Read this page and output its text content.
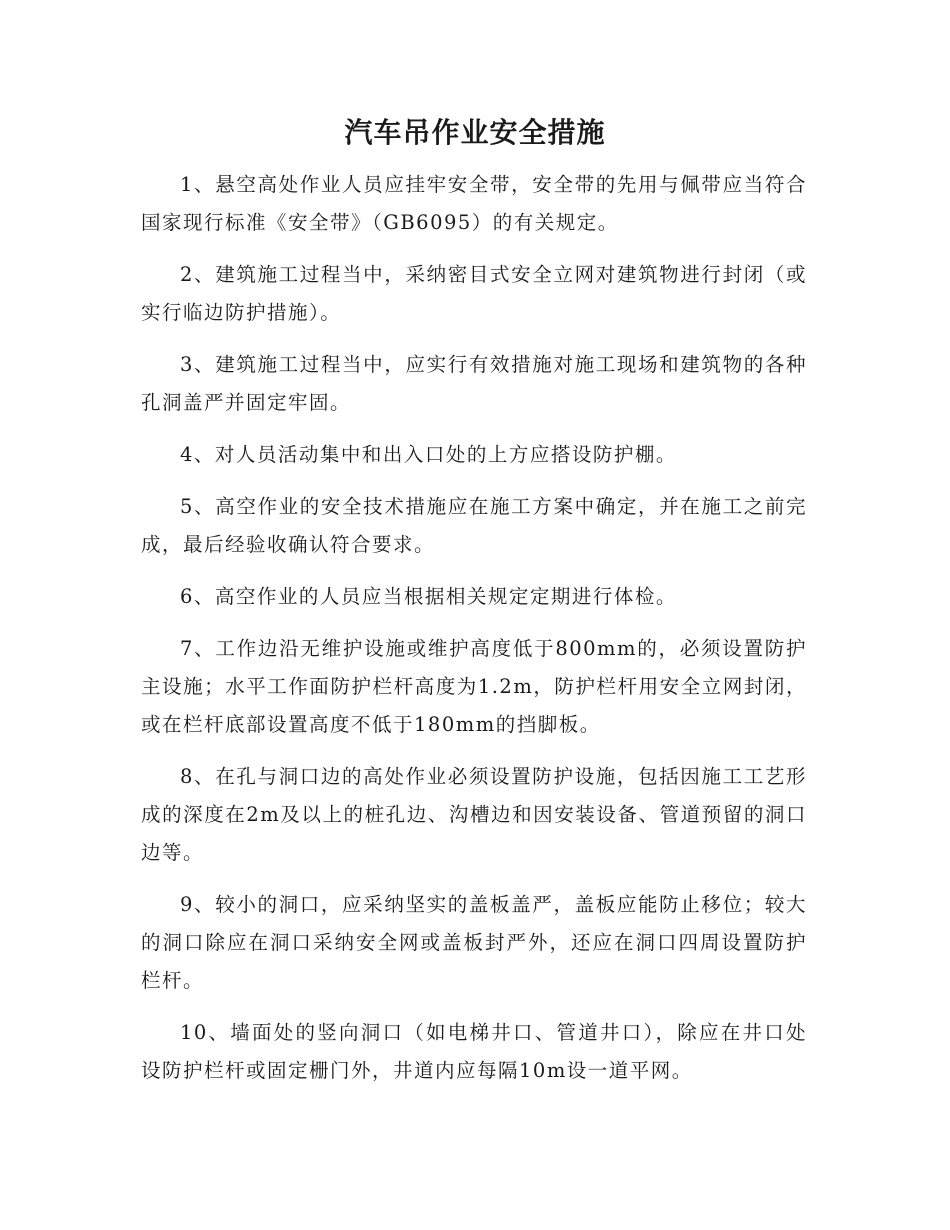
汽车吊作业安全措施

1、悬空高处作业人员应挂牢安全带，安全带的先用与佩带应当符合国家现行标准《安全带》（GB6095）的有关规定。

2、建筑施工过程当中，采纳密目式安全立网对建筑物进行封闭（或实行临边防护措施）。

3、建筑施工过程当中，应实行有效措施对施工现场和建筑物的各种孔洞盖严并固定牢固。

4、对人员活动集中和出入口处的上方应搭设防护棚。

5、高空作业的安全技术措施应在施工方案中确定，并在施工之前完成，最后经验收确认符合要求。

6、高空作业的人员应当根据相关规定定期进行体检。

7、工作边沿无维护设施或维护高度低于800mm的，必须设置防护主设施；水平工作面防护栏杆高度为1.2m，防护栏杆用安全立网封闭，或在栏杆底部设置高度不低于180mm的挡脚板。

8、在孔与洞口边的高处作业必须设置防护设施，包括因施工工艺形成的深度在2m及以上的桩孔边、沟槽边和因安装设备、管道预留的洞口边等。

9、较小的洞口，应采纳坚实的盖板盖严，盖板应能防止移位；较大的洞口除应在洞口采纳安全网或盖板封严外，还应在洞口四周设置防护栏杆。

10、墙面处的竖向洞口（如电梯井口、管道井口），除应在井口处设防护栏杆或固定栅门外，井道内应每隔10m设一道平网。
